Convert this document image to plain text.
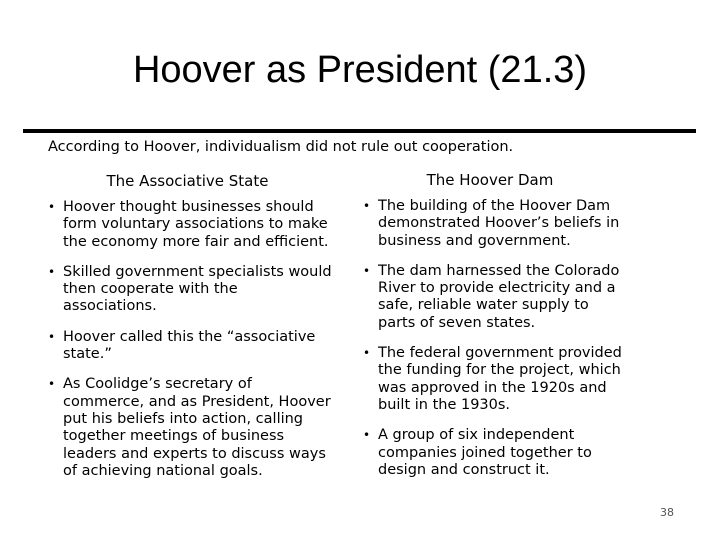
Hoover as President (21.3)
According to Hoover, individualism did not rule out cooperation.
The Associative State
• Hoover thought businesses should form voluntary associations to make the economy more fair and efficient.
• Skilled government specialists would then cooperate with the associations.
• Hoover called this the “associative state.”
• As Coolidge’s secretary of commerce, and as President, Hoover put his beliefs into action, calling together meetings of business leaders and experts to discuss ways of achieving national goals.
The Hoover Dam
• The building of the Hoover Dam demonstrated Hoover’s beliefs in business and government.
• The dam harnessed the Colorado River to provide electricity and a safe, reliable water supply to parts of seven states.
• The federal government provided the funding for the project, which was approved in the 1920s and built in the 1930s.
• A group of six independent companies joined together to design and construct it.
38
